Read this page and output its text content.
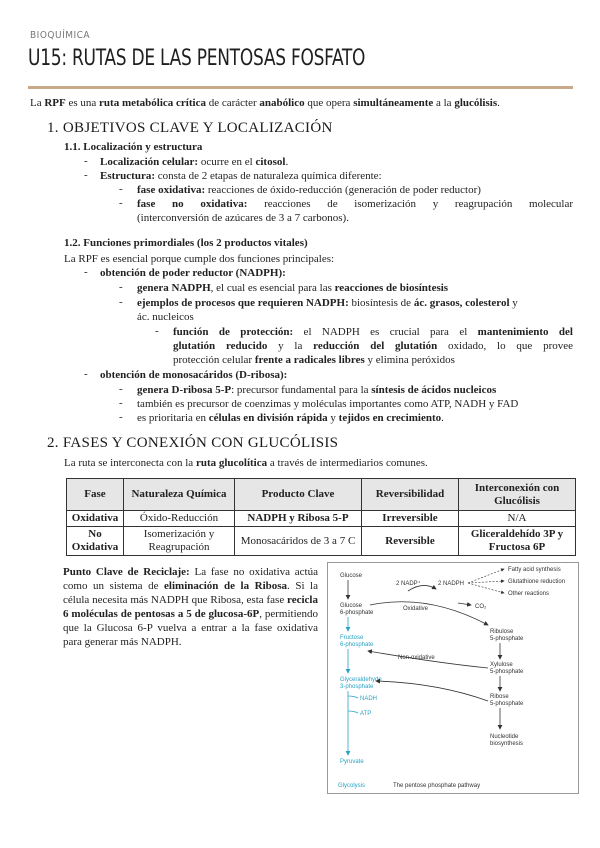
BIOQUÍMICA
U15: RUTAS DE LAS PENTOSAS FOSFATO
La RPF es una ruta metabólica crítica de carácter anabólico que opera simultáneamente a la glucólisis.
1. OBJETIVOS CLAVE Y LOCALIZACIÓN
1.1. Localización y estructura
- Localización celular: ocurre en el citosol.
- Estructura: consta de 2 etapas de naturaleza química diferente:
- fase oxidativa: reacciones de óxido-reducción (generación de poder reductor)
- fase no oxidativa: reacciones de isomerización y reagrupación molecular
(interconversión de azúcares de 3 a 7 carbonos).
1.2. Funciones primordiales (los 2 productos vitales)
La RPF es esencial porque cumple dos funciones principales:
- obtención de poder reductor (NADPH):
- genera NADPH, el cual es esencial para las reacciones de biosíntesis
- ejemplos de procesos que requieren NADPH: biosíntesis de ác. grasos, colesterol y
ác. nucleicos
- función de protección: el NADPH es crucial para el mantenimiento del
glutatión reducido y la reducción del glutatión oxidado, lo que provee
protección celular frente a radicales libres y elimina peróxidos
- obtención de monosacáridos (D-ribosa):
- genera D-ribosa 5-P: precursor fundamental para la síntesis de ácidos nucleicos
- también es precursor de coenzimas y moléculas importantes como ATP, NADH y FAD
- es prioritaria en células en división rápida y tejidos en crecimiento.
2. FASES Y CONEXIÓN CON GLUCÓLISIS
La ruta se interconecta con la ruta glucolítica a través de intermediarios comunes.
Fase	Naturaleza Química	Producto Clave	Reversibilidad	Interconexión con Glucólisis
Oxidativa	Óxido-Reducción	NADPH y Ribosa 5-P	Irreversible	N/A
No Oxidativa	Isomerización y Reagrupación	Monosacáridos de 3 a 7 C	Reversible	Gliceraldehído 3P y Fructosa 6P
Punto Clave de Reciclaje: La fase no oxidativa actúa como un sistema de eliminación de la Ribosa. Si la célula necesita más NADPH que Ribosa, esta fase recicla 6 moléculas de pentosas a 5 de glucosa-6P, permitiendo que la Glucosa 6-P vuelva a entrar a la fase oxidativa para generar más NADPH.
Glucose
Glucose
6-phosphate
2 NADP⁺	2 NADPH
Oxidative	CO₂
Fatty acid synthesis
Glutathione reduction
Other reactions
Ribulose
5-phosphate
Xylulose
5-phosphate
Ribose
5-phosphate
Non-oxidative
Nucleotide
biosynthesis
Fructose
6-phosphate
Glyceraldehyde
3-phosphate
NADH
ATP
Pyruvate
Glycolysis	The pentose phosphate pathway
